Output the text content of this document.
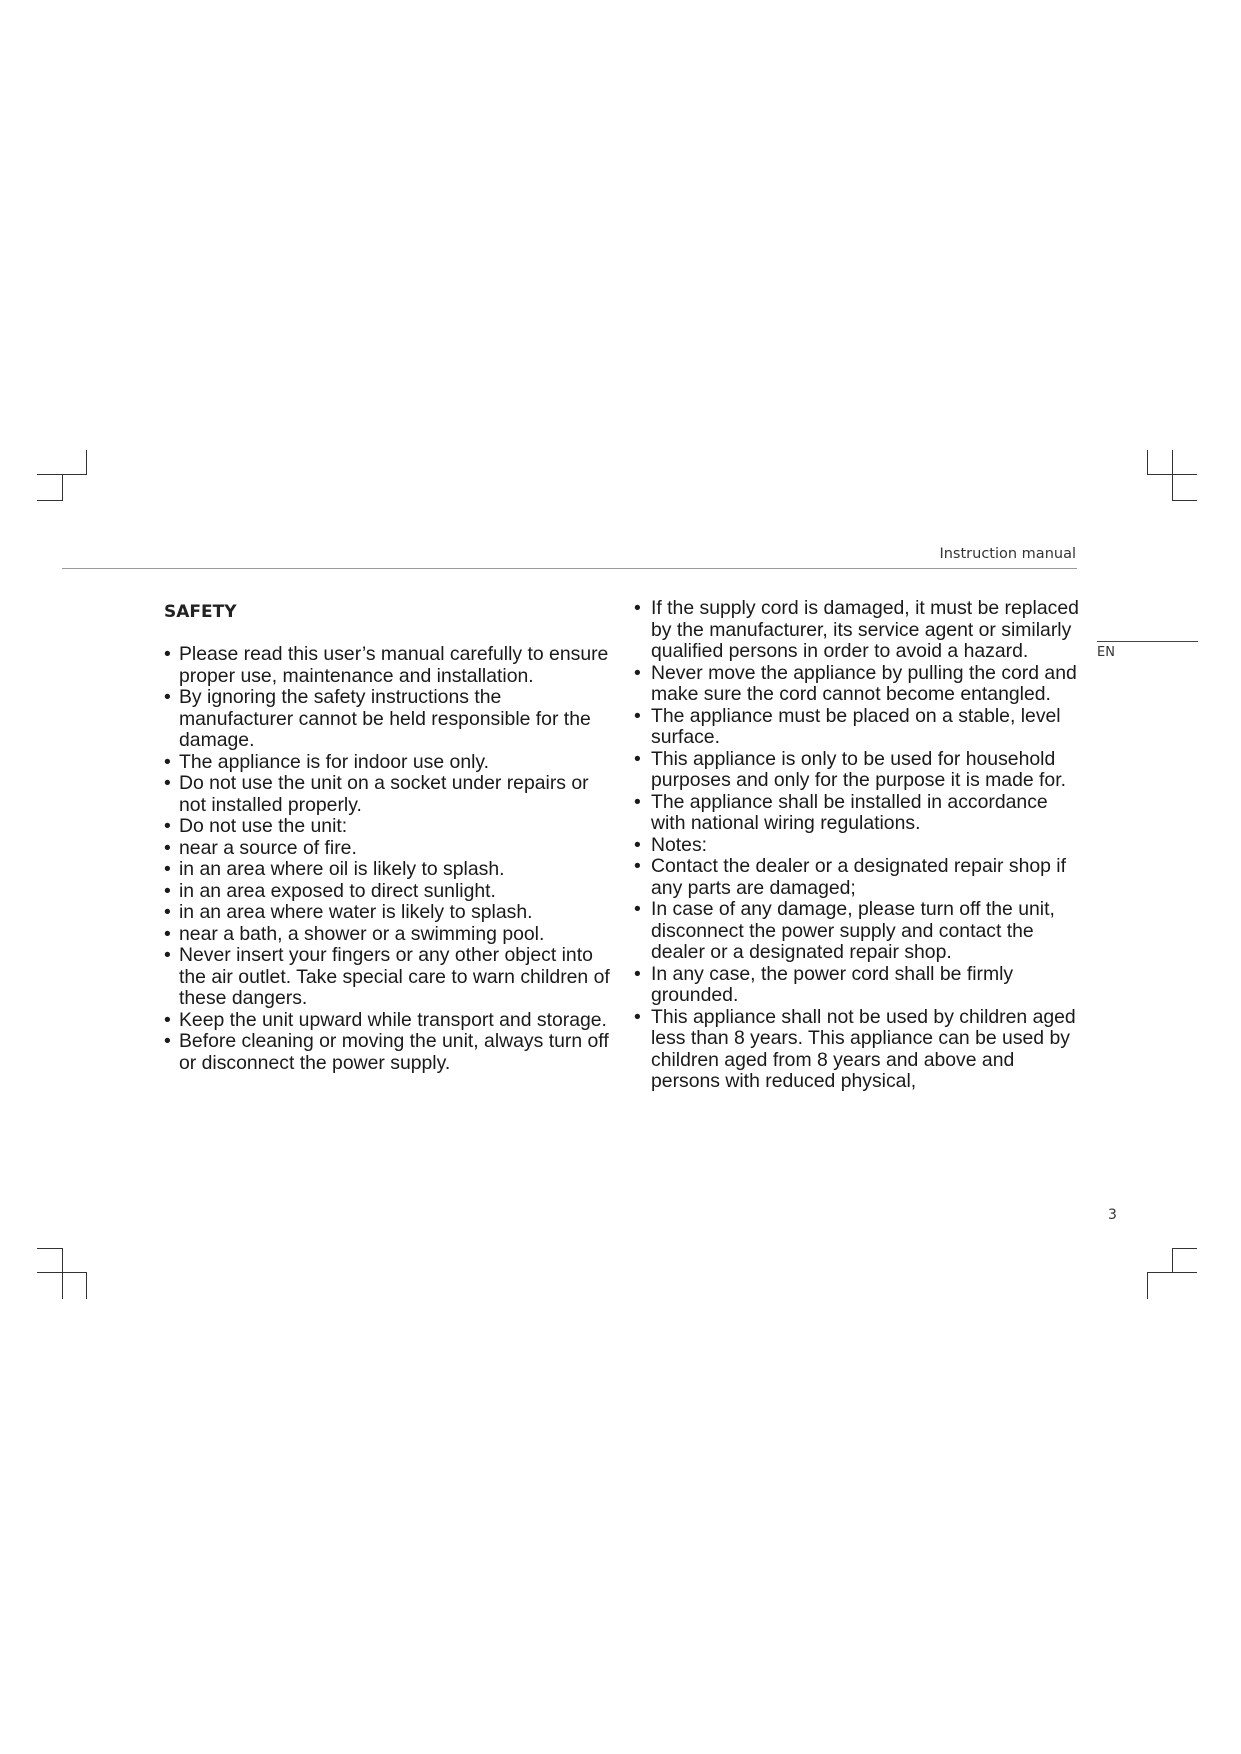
Instruction manual
EN
3
SAFETY
• Please read this user’s manual carefully to ensure proper use, maintenance and installation.
• By ignoring the safety instructions the manufacturer cannot be held responsible for the damage.
• The appliance is for indoor use only.
• Do not use the unit on a socket under repairs or not installed properly.
• Do not use the unit:
• near a source of fire.
• in an area where oil is likely to splash.
• in an area exposed to direct sunlight.
• in an area where water is likely to splash.
• near a bath, a shower or a swimming pool.
• Never insert your fingers or any other object into the air outlet. Take special care to warn children of these dangers.
• Keep the unit upward while transport and storage.
• Before cleaning or moving the unit, always turn off or disconnect the power supply.
• If the supply cord is damaged, it must be replaced by the manufacturer, its service agent or similarly qualified persons in order to avoid a hazard.
• Never move the appliance by pulling the cord and make sure the cord cannot become entangled.
• The appliance must be placed on a stable, level surface.
• This appliance is only to be used for household purposes and only for the purpose it is made for.
• The appliance shall be installed in accordance with national wiring regulations.
• Notes:
• Contact the dealer or a designated repair shop if any parts are damaged;
• In case of any damage, please turn off the unit, disconnect the power supply and contact the dealer or a designated repair shop.
• In any case, the power cord shall be firmly grounded.
• This appliance shall not be used by children aged less than 8 years. This appliance can be used by children aged from 8 years and above and persons with reduced physical,
